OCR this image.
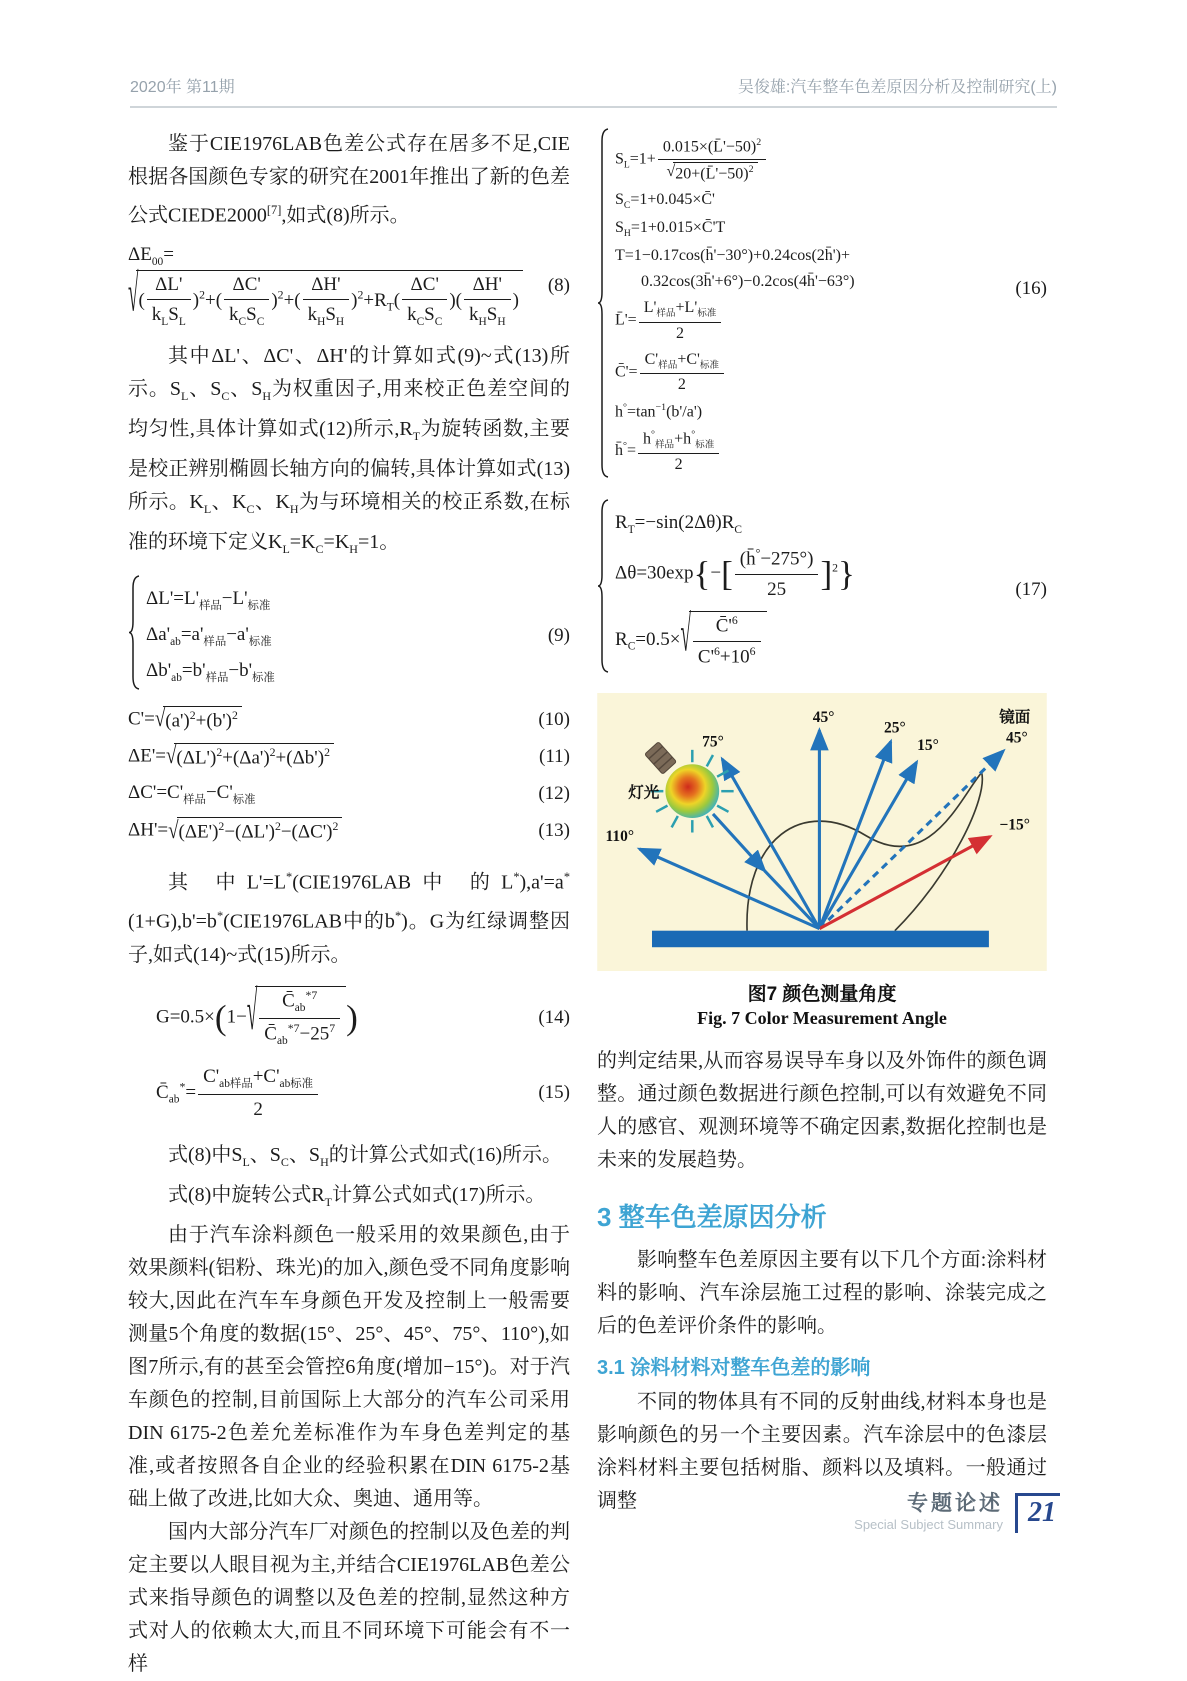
2020年 第11期	吴俊雄:汽车整车色差原因分析及控制研究(上)

鉴于CIE1976LAB色差公式存在居多不足,CIE根据各国颜色专家的研究在2001年推出了新的色差公式CIEDE2000[7],如式(8)所示。

$\Delta E_{00}=$
√ ( $\frac{\Delta L'}{k_LS_L} )^2+( \frac{\Delta C'}{k_CS_C} )^2+( \frac{\Delta H'}{k_HS_H} )^2+R_T( \frac{\Delta C'}{k_CS_C}$ )( $\frac{\Delta H'}{k_HS_H}$ )
(8)

其中ΔL'、ΔC'、ΔH'的计算如式(9)~式(13)所示。$S_L$、$S_C$、$S_H$为权重因子,用来校正色差空间的均匀性,具体计算如式(12)所示$,R_T$为旋转函数,主要是校正辨别椭圆长轴方向的偏转,具体计算如式(13)所示。$K_L$、$K_C$、$K_H$为与环境相关的校正系数,在标准的环境下定义$K_L=K_C=K_H=1$。

$\Delta L'=L'_{样品}-L'_{标准}$
$\Delta a'_{ab}=a'_{样品}-a'_{标准}$
$\Delta b'_{ab}=b'_{样品}-b'_{标准}$
(9)
C'= √ $(a')^2+(b')^2$	(10)
ΔE'= √ $(\Delta L')^2+(\Delta a')^2+(\Delta b')^2$	(11)
$\Delta C'=C'_{样品}-C'_{标准}$	(12)
ΔH'= √ $(\Delta E')^2-(\Delta L')^2-(\Delta C')^2$	(13)

其 中L'=L*(CIE1976LAB中 的L*),a'=a*(1+G),b'=b*(CIE1976LAB中的b*)。G为红绿调整因子,如式(14)~式(15)所示。

G=0.5×(1− √ $\frac{C̄_{ab}^{*7}}{C̄_{ab}^{*7}-25^7}$ )	(14)
$C̄_{ab}^*= \frac{C'_{ab样品}+C'_{ab标准}}{2}$	(15)

式(8)中$S_L$、$S_C$、$S_H$的计算公式如式(16)所示。

式(8)中旋转公式$R_T$计算公式如式(17)所示。

由于汽车涂料颜色一般采用的效果颜色,由于效果颜料(铝粉、珠光)的加入,颜色受不同角度影响较大,因此在汽车车身颜色开发及控制上一般需要测量5个角度的数据(15°、25°、45°、75°、110°),如图7所示,有的甚至会管控6角度(增加−15°)。对于汽车颜色的控制,目前国际上大部分的汽车公司采用DIN 6175-2色差允差标准作为车身色差判定的基准,或者按照各自企业的经验积累在DIN 6175-2基础上做了改进,比如大众、奥迪、通用等。

国内大部分汽车厂对颜色的控制以及色差的判定主要以人眼目视为主,并结合CIE1976LAB色差公式来指导颜色的调整以及色差的控制,显然这种方式对人的依赖太大,而且不同环境下可能会有不一样

$S_L=1+ \frac{0.015\times(L̄'-50)^2}{√ 20+(L̄'-50)^2}$
$S_C=1+0.045\times C̄'$
$S_H=1+0.015\times C̄'T$
T=1−0.17cos(h̄'−30°)+0.24cos(2h̄')+
0.32cos(3h̄'+6°)−0.2cos(4h̄'−63°)
L̄'= $\frac{L'_{样品}+L'_{标准}}{2}$
C̄'= $\frac{C'_{样品}+C'_{标准}}{2}$
$h^\circ=\tan^{-1}(b'/a')$
h̄°= $\frac{h^\circ_{样品}+h^\circ_{标准}}{2}$
(16)
$R_T=-\sin(2\Delta\theta)R_C$
$\Delta\theta=30\exp\{-[ \frac{(h̄^\circ-275^\circ)}{25} ]^2\}$
$R_C=0.5\times$ √ $\frac{C̄'^6}{C'^6+10^6}$
(17)
45°
75°
25°
15°
镜面
45°
−15°
110°
灯光
图7 颜色测量角度
Fig. 7 Color Measurement Angle

的判定结果,从而容易误导车身以及外饰件的颜色调整。通过颜色数据进行颜色控制,可以有效避免不同人的感官、观测环境等不确定因素,数据化控制也是未来的发展趋势。

3 整车色差原因分析

影响整车色差原因主要有以下几个方面:涂料材料的影响、汽车涂层施工过程的影响、涂装完成之后的色差评价条件的影响。

3.1 涂料材料对整车色差的影响

不同的物体具有不同的反射曲线,材料本身也是影响颜色的另一个主要因素。汽车涂层中的色漆层涂料材料主要包括树脂、颜料以及填料。一般通过调整	专题论述
Special Subject Summary 21
